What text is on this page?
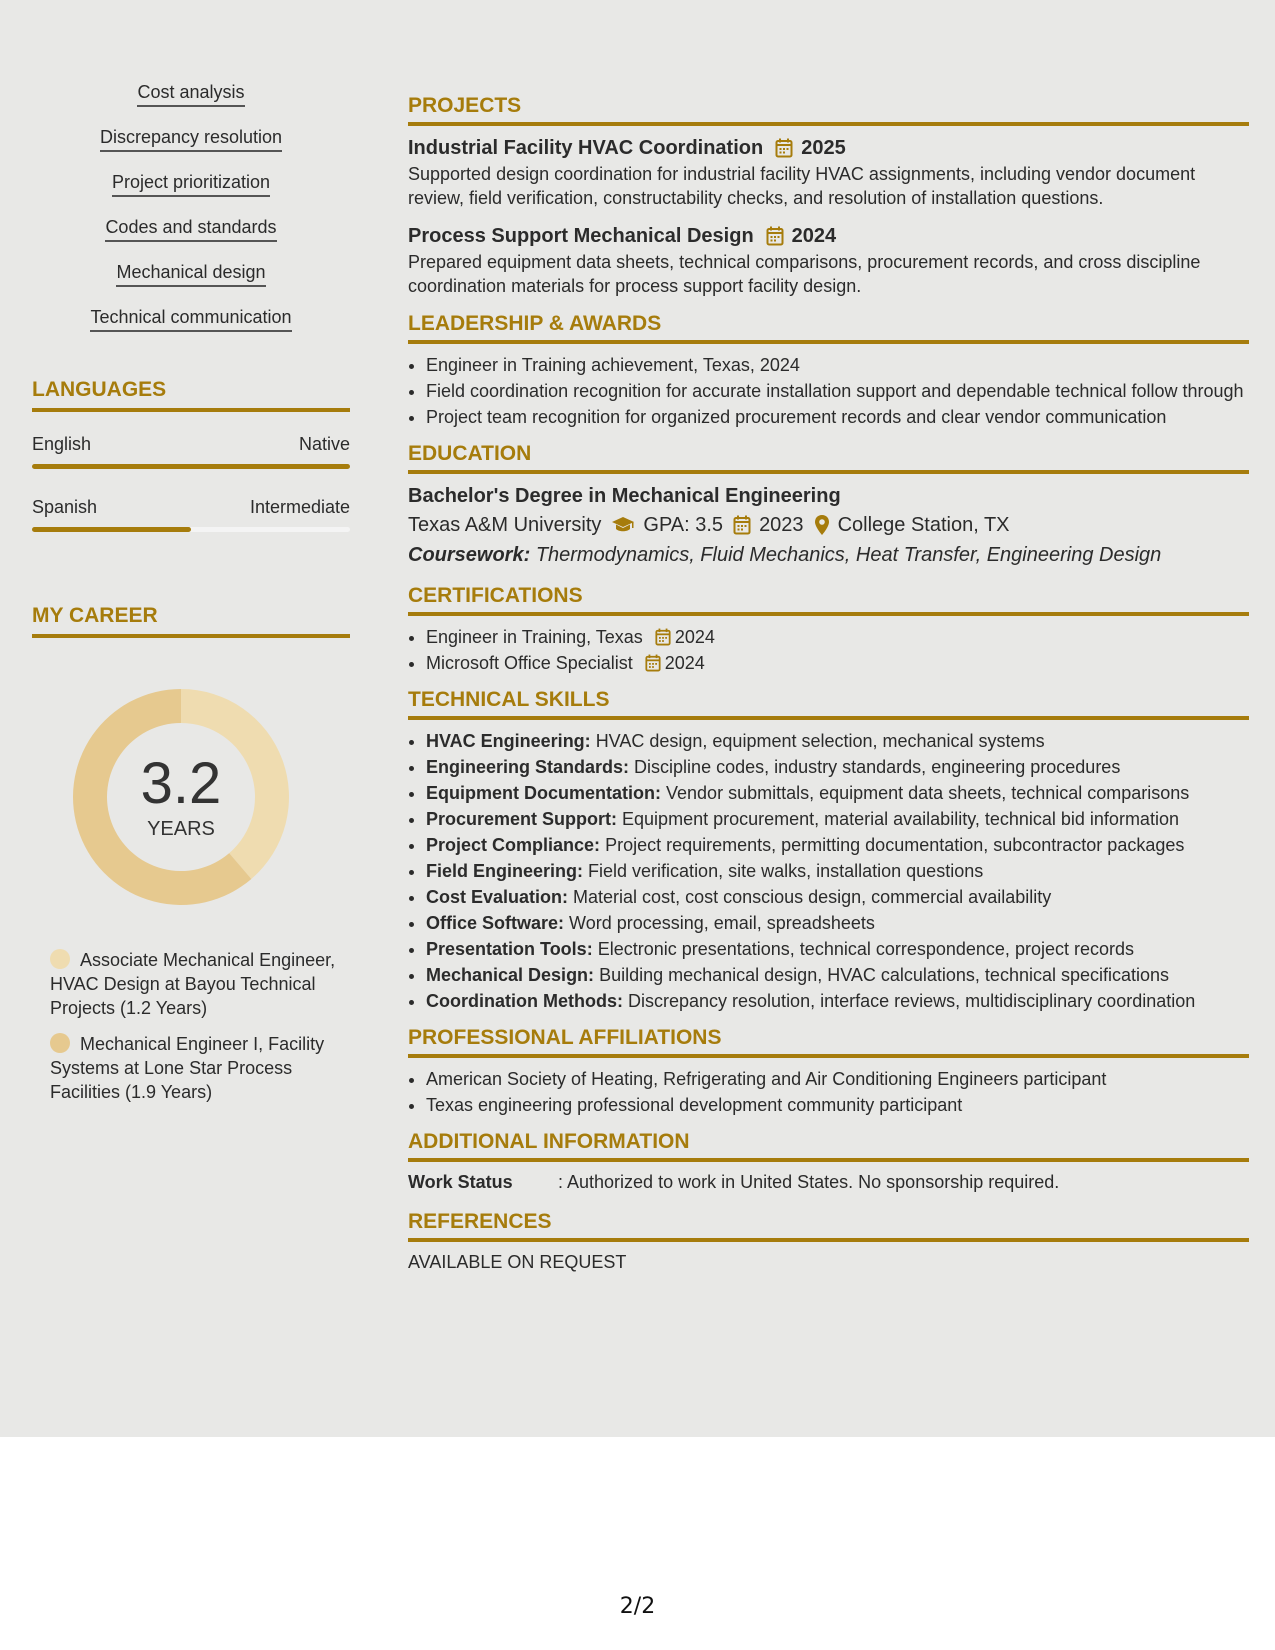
Cost analysis
Discrepancy resolution
Project prioritization
Codes and standards
Mechanical design
Technical communication
LANGUAGES
English	Native
Spanish	Intermediate
MY CAREER
3.2
YEARS
Associate Mechanical Engineer, HVAC Design at Bayou Technical Projects (1.2 Years)
Mechanical Engineer I, Facility Systems at Lone Star Process Facilities (1.9 Years)
PROJECTS
Industrial Facility HVAC Coordination 2025
Supported design coordination for industrial facility HVAC assignments, including vendor document review, field verification, constructability checks, and resolution of installation questions.
Process Support Mechanical Design 2024
Prepared equipment data sheets, technical comparisons, procurement records, and cross discipline coordination materials for process support facility design.
LEADERSHIP & AWARDS
• Engineer in Training achievement, Texas, 2024
• Field coordination recognition for accurate installation support and dependable technical follow through
• Project team recognition for organized procurement records and clear vendor communication
EDUCATION
Bachelor's Degree in Mechanical Engineering
Texas A&M University GPA: 3.5 2023 College Station, TX
Coursework: Thermodynamics, Fluid Mechanics, Heat Transfer, Engineering Design
CERTIFICATIONS
• Engineer in Training, Texas 2024
• Microsoft Office Specialist 2024
TECHNICAL SKILLS
• HVAC Engineering: HVAC design, equipment selection, mechanical systems
• Engineering Standards: Discipline codes, industry standards, engineering procedures
• Equipment Documentation: Vendor submittals, equipment data sheets, technical comparisons
• Procurement Support: Equipment procurement, material availability, technical bid information
• Project Compliance: Project requirements, permitting documentation, subcontractor packages
• Field Engineering: Field verification, site walks, installation questions
• Cost Evaluation: Material cost, cost conscious design, commercial availability
• Office Software: Word processing, email, spreadsheets
• Presentation Tools: Electronic presentations, technical correspondence, project records
• Mechanical Design: Building mechanical design, HVAC calculations, technical specifications
• Coordination Methods: Discrepancy resolution, interface reviews, multidisciplinary coordination
PROFESSIONAL AFFILIATIONS
• American Society of Heating, Refrigerating and Air Conditioning Engineers participant
• Texas engineering professional development community participant
ADDITIONAL INFORMATION
Work Status	: Authorized to work in United States. No sponsorship required.
REFERENCES
AVAILABLE ON REQUEST
2/2
